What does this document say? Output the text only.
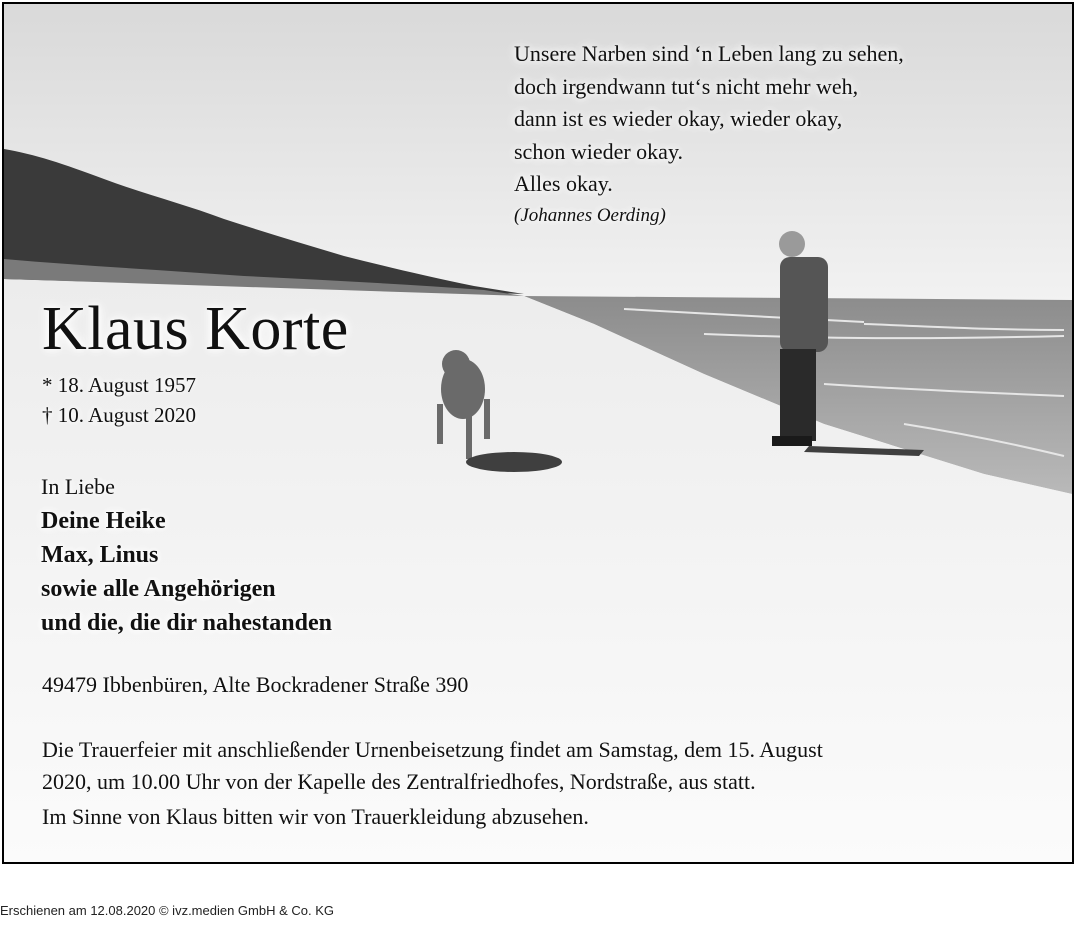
Unsere Narben sind ‘n Leben lang zu sehen,
doch irgendwann tut‘s nicht mehr weh,
dann ist es wieder okay, wieder okay,
schon wieder okay.
Alles okay.
(Johannes Oerding)
Klaus Korte
* 18. August 1957
† 10. August 2020
In Liebe
Deine Heike
Max, Linus
sowie alle Angehörigen
und die, die dir nahestanden
49479 Ibbenbüren, Alte Bockradener Straße 390
Die Trauerfeier mit anschließender Urnenbeisetzung findet am Samstag, dem 15. August
2020, um 10.00 Uhr von der Kapelle des Zentralfriedhofes, Nordstraße, aus statt.
Im Sinne von Klaus bitten wir von Trauerkleidung abzusehen.
Erschienen am 12.08.2020 © ivz.medien GmbH & Co. KG
